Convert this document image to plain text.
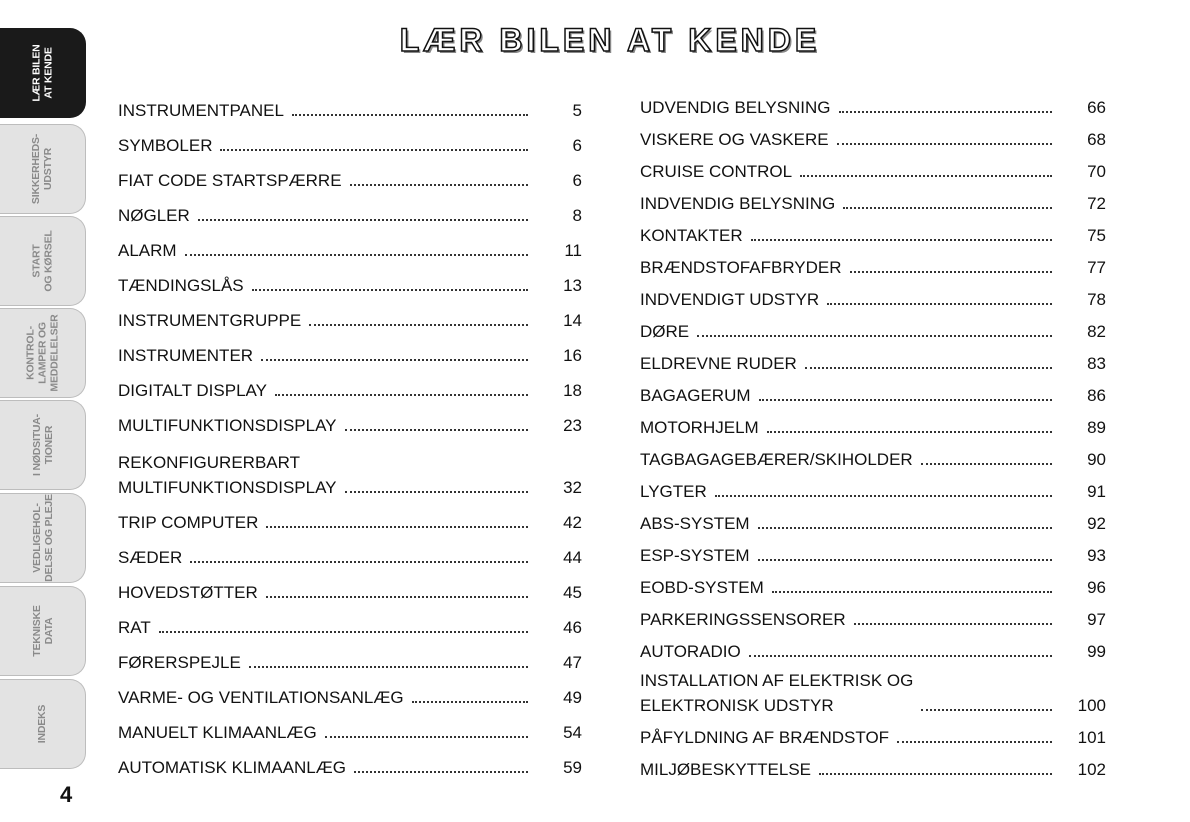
LÆR BILEN
AT KENDE
SIKKERHEDS-
UDSTYR
START
OG KØRSEL
KONTROL-
LAMPER OG
MEDDELELSER
I NØDSITUA-
TIONER
VEDLIGEHOL-
DELSE OG PLEJE
TEKNISKE
DATA
INDEKS
LÆR BILEN AT KENDE
INSTRUMENTPANEL	5
SYMBOLER	6
FIAT CODE STARTSPÆRRE	6
NØGLER	8
ALARM	11
TÆNDINGSLÅS	13
INSTRUMENTGRUPPE	14
INSTRUMENTER	16
DIGITALT DISPLAY	18
MULTIFUNKTIONSDISPLAY	23
REKONFIGURERBART
MULTIFUNKTIONSDISPLAY	32
TRIP COMPUTER	42
SÆDER	44
HOVEDSTØTTER	45
RAT	46
FØRERSPEJLE	47
VARME- OG VENTILATIONSANLÆG	49
MANUELT KLIMAANLÆG	54
AUTOMATISK KLIMAANLÆG	59
UDVENDIG BELYSNING	66
VISKERE OG VASKERE	68
CRUISE CONTROL	70
INDVENDIG BELYSNING	72
KONTAKTER	75
BRÆNDSTOFAFBRYDER	77
INDVENDIGT UDSTYR	78
DØRE	82
ELDREVNE RUDER	83
BAGAGERUM	86
MOTORHJELM	89
TAGBAGAGEBÆRER/SKIHOLDER	90
LYGTER	91
ABS-SYSTEM	92
ESP-SYSTEM	93
EOBD-SYSTEM	96
PARKERINGSSENSORER	97
AUTORADIO	99
INSTALLATION AF ELEKTRISK OG
ELEKTRONISK UDSTYR	100
PÅFYLDNING AF BRÆNDSTOF	101
MILJØBESKYTTELSE	102
4
